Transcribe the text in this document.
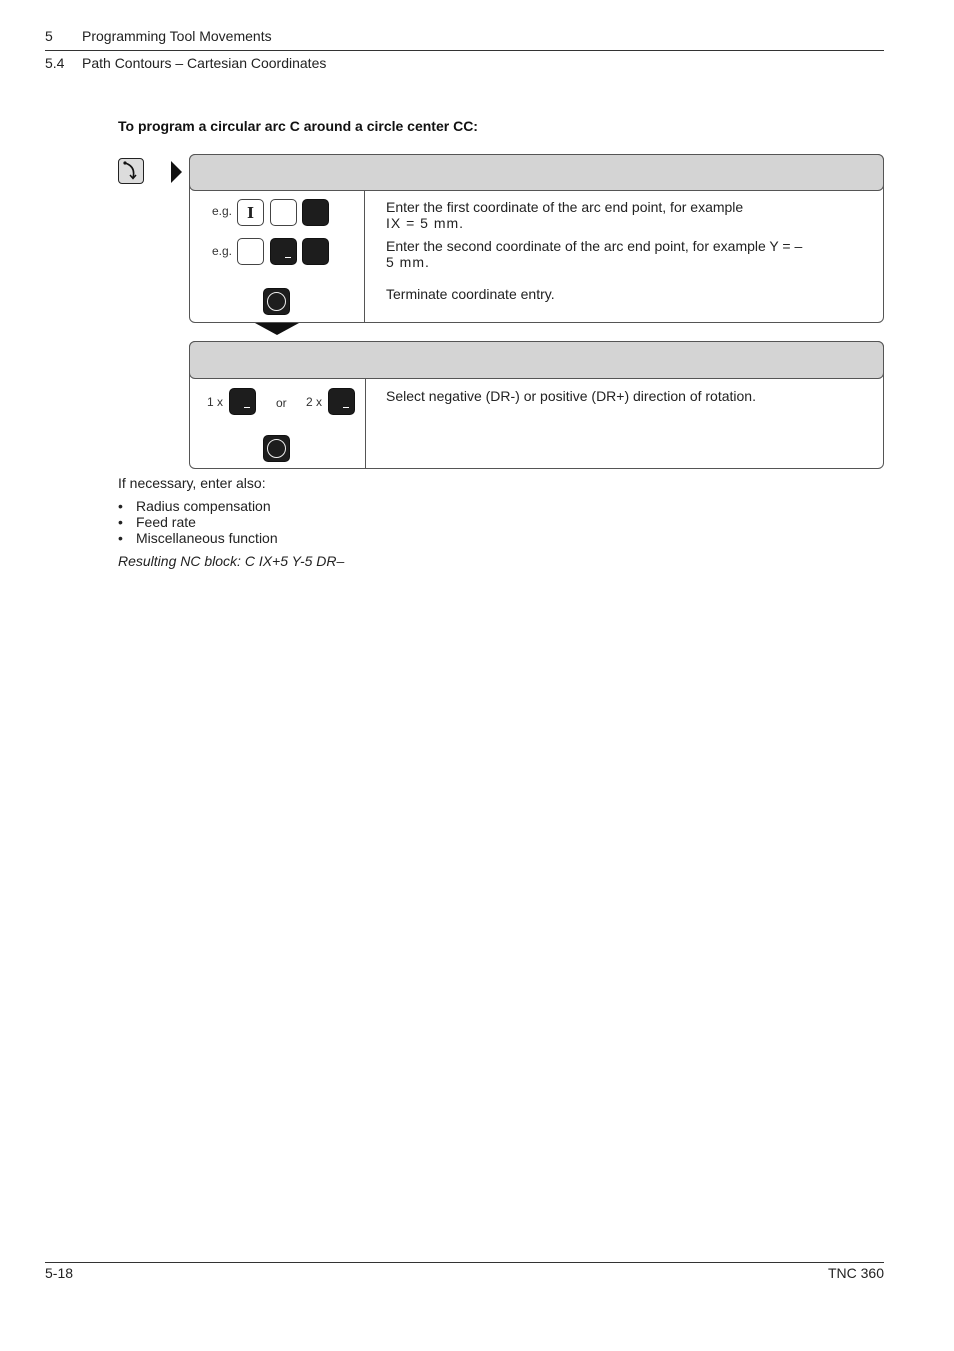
5 Programming Tool Movements
5.4 Path Contours – Cartesian Coordinates
To program a circular arc C around a circle center CC:
e.g. I	Enter the first coordinate of the arc end point, for example
IX = 5 mm.
e.g.	Enter the second coordinate of the arc end point, for example Y = –
5 mm.
Terminate coordinate entry.
1 x	or 2 x	Select negative (DR-) or positive (DR+) direction of rotation.
If necessary, enter also:
• Radius compensation
• Feed rate
• Miscellaneous function
Resulting NC block: C IX+5 Y-5 DR–
5-18	TNC 360
